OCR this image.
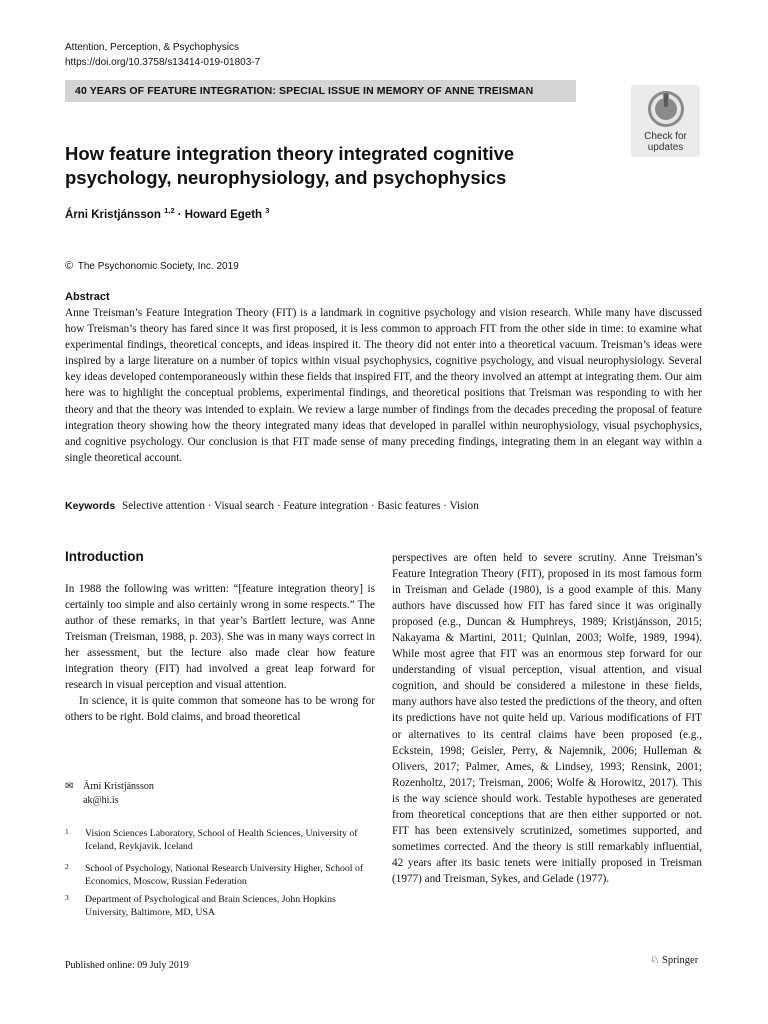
Attention, Perception, & Psychophysics
https://doi.org/10.3758/s13414-019-01803-7
40 YEARS OF FEATURE INTEGRATION: SPECIAL ISSUE IN MEMORY OF ANNE TREISMAN
Check for
updates
How feature integration theory integrated cognitive psychology, neurophysiology, and psychophysics
Árni Kristjánsson $^{1,2}$ · Howard Egeth $^3$
© The Psychonomic Society, Inc. 2019
Abstract
Anne Treisman’s Feature Integration Theory (FIT) is a landmark in cognitive psychology and vision research. While many have discussed how Treisman’s theory has fared since it was first proposed, it is less common to approach FIT from the other side in time: to examine what experimental findings, theoretical concepts, and ideas inspired it. The theory did not enter into a theoretical vacuum. Treisman’s ideas were inspired by a large literature on a number of topics within visual psychophysics, cognitive psychology, and visual neurophysiology. Several key ideas developed contemporaneously within these fields that inspired FIT, and the theory involved an attempt at integrating them. Our aim here was to highlight the conceptual problems, experimental findings, and theoretical positions that Treisman was responding to with her theory and that the theory was intended to explain. We review a large number of findings from the decades preceding the proposal of feature integration theory showing how the theory integrated many ideas that developed in parallel within neurophysiology, visual psychophysics, and cognitive psychology. Our conclusion is that FIT made sense of many preceding findings, integrating them in an elegant way within a single theoretical account.
Keywords Selective attention · Visual search · Feature integration · Basic features · Vision
Introduction

In 1988 the following was written: “[feature integration theory] is certainly too simple and also certainly wrong in some respects.” The author of these remarks, in that year’s Bartlett lecture, was Anne Treisman (Treisman, 1988, p. 203). She was in many ways correct in her assessment, but the lecture also made clear how feature integration theory (FIT) had involved a great leap forward for research in visual perception and visual attention.

In science, it is quite common that someone has to be wrong for others to be right. Bold claims, and broad theoretical

perspectives are often held to severe scrutiny. Anne Treisman’s Feature Integration Theory (FIT), proposed in its most famous form in Treisman and Gelade (1980), is a good example of this. Many authors have discussed how FIT has fared since it was originally proposed (e.g., Duncan & Humphreys, 1989; Kristjánsson, 2015; Nakayama & Martini, 2011; Quinlan, 2003; Wolfe, 1989, 1994). While most agree that FIT was an enormous step forward for our understanding of visual perception, visual attention, and visual cognition, and should be considered a milestone in these fields, many authors have also tested the predictions of the theory, and often its predictions have not quite held up. Various modifications of FIT or alternatives to its central claims have been proposed (e.g., Eckstein, 1998; Geisler, Perry, & Najemnik, 2006; Hulleman & Olivers, 2017; Palmer, Ames, & Lindsey, 1993; Rensink, 2001; Rozenholtz, 2017; Treisman, 2006; Wolfe & Horowitz, 2017). This is the way science should work. Testable hypotheses are generated from theoretical conceptions that are then either supported or not. FIT has been extensively scrutinized, sometimes supported, and sometimes corrected. And the theory is still remarkably influential, 42 years after its basic tenets were initially proposed in Treisman (1977) and Treisman, Sykes, and Gelade (1977).

✉ Árni Kristjánsson
ak@hi.is
1 Vision Sciences Laboratory, School of Health Sciences, University of Iceland, Reykjavik, Iceland
2 School of Psychology, National Research University Higher, School of Economics, Moscow, Russian Federation
3 Department of Psychological and Brain Sciences, John Hopkins University, Baltimore, MD, USA
Published online: 09 July 2019	♘ Springer
